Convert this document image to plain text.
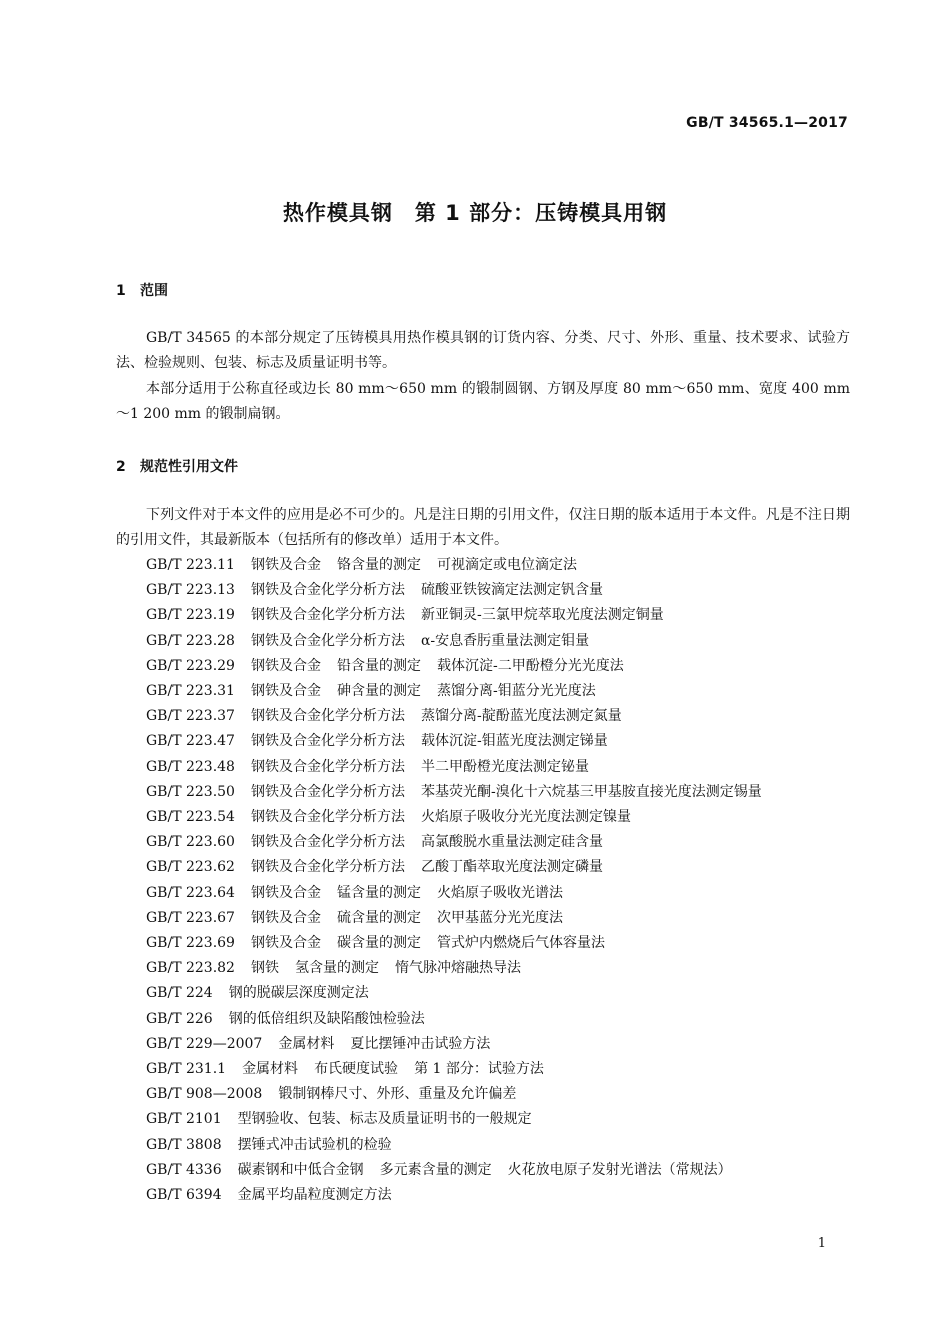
GB/T 34565.1—2017
热作模具钢　第 1 部分：压铸模具用钢
1 范围

GB/T 34565 的本部分规定了压铸模具用热作模具钢的订货内容、分类、尺寸、外形、重量、技术要求、试验方法、检验规则、包装、标志及质量证明书等。

本部分适用于公称直径或边长 80 mm～650 mm 的锻制圆钢、方钢及厚度 80 mm～650 mm、宽度 400 mm～1 200 mm 的锻制扁钢。

2 规范性引用文件

下列文件对于本文件的应用是必不可少的。凡是注日期的引用文件，仅注日期的版本适用于本文件。凡是不注日期的引用文件，其最新版本（包括所有的修改单）适用于本文件。

GB/T 223.11 钢铁及合金 铬含量的测定 可视滴定或电位滴定法
GB/T 223.13 钢铁及合金化学分析方法 硫酸亚铁铵滴定法测定钒含量
GB/T 223.19 钢铁及合金化学分析方法 新亚铜灵-三氯甲烷萃取光度法测定铜量
GB/T 223.28 钢铁及合金化学分析方法 α-安息香肟重量法测定钼量
GB/T 223.29 钢铁及合金 铅含量的测定 载体沉淀-二甲酚橙分光光度法
GB/T 223.31 钢铁及合金 砷含量的测定 蒸馏分离-钼蓝分光光度法
GB/T 223.37 钢铁及合金化学分析方法 蒸馏分离-靛酚蓝光度法测定氮量
GB/T 223.47 钢铁及合金化学分析方法 载体沉淀-钼蓝光度法测定锑量
GB/T 223.48 钢铁及合金化学分析方法 半二甲酚橙光度法测定铋量
GB/T 223.50 钢铁及合金化学分析方法 苯基荧光酮-溴化十六烷基三甲基胺直接光度法测定锡量
GB/T 223.54 钢铁及合金化学分析方法 火焰原子吸收分光光度法测定镍量
GB/T 223.60 钢铁及合金化学分析方法 高氯酸脱水重量法测定硅含量
GB/T 223.62 钢铁及合金化学分析方法 乙酸丁酯萃取光度法测定磷量
GB/T 223.64 钢铁及合金 锰含量的测定 火焰原子吸收光谱法
GB/T 223.67 钢铁及合金 硫含量的测定 次甲基蓝分光光度法
GB/T 223.69 钢铁及合金 碳含量的测定 管式炉内燃烧后气体容量法
GB/T 223.82 钢铁 氢含量的测定 惰气脉冲熔融热导法
GB/T 224 钢的脱碳层深度测定法
GB/T 226 钢的低倍组织及缺陷酸蚀检验法
GB/T 229—2007 金属材料 夏比摆锤冲击试验方法
GB/T 231.1 金属材料 布氏硬度试验 第 1 部分：试验方法
GB/T 908—2008 锻制钢棒尺寸、外形、重量及允许偏差
GB/T 2101 型钢验收、包装、标志及质量证明书的一般规定
GB/T 3808 摆锤式冲击试验机的检验
GB/T 4336 碳素钢和中低合金钢 多元素含量的测定 火花放电原子发射光谱法（常规法）
GB/T 6394 金属平均晶粒度测定方法
1
